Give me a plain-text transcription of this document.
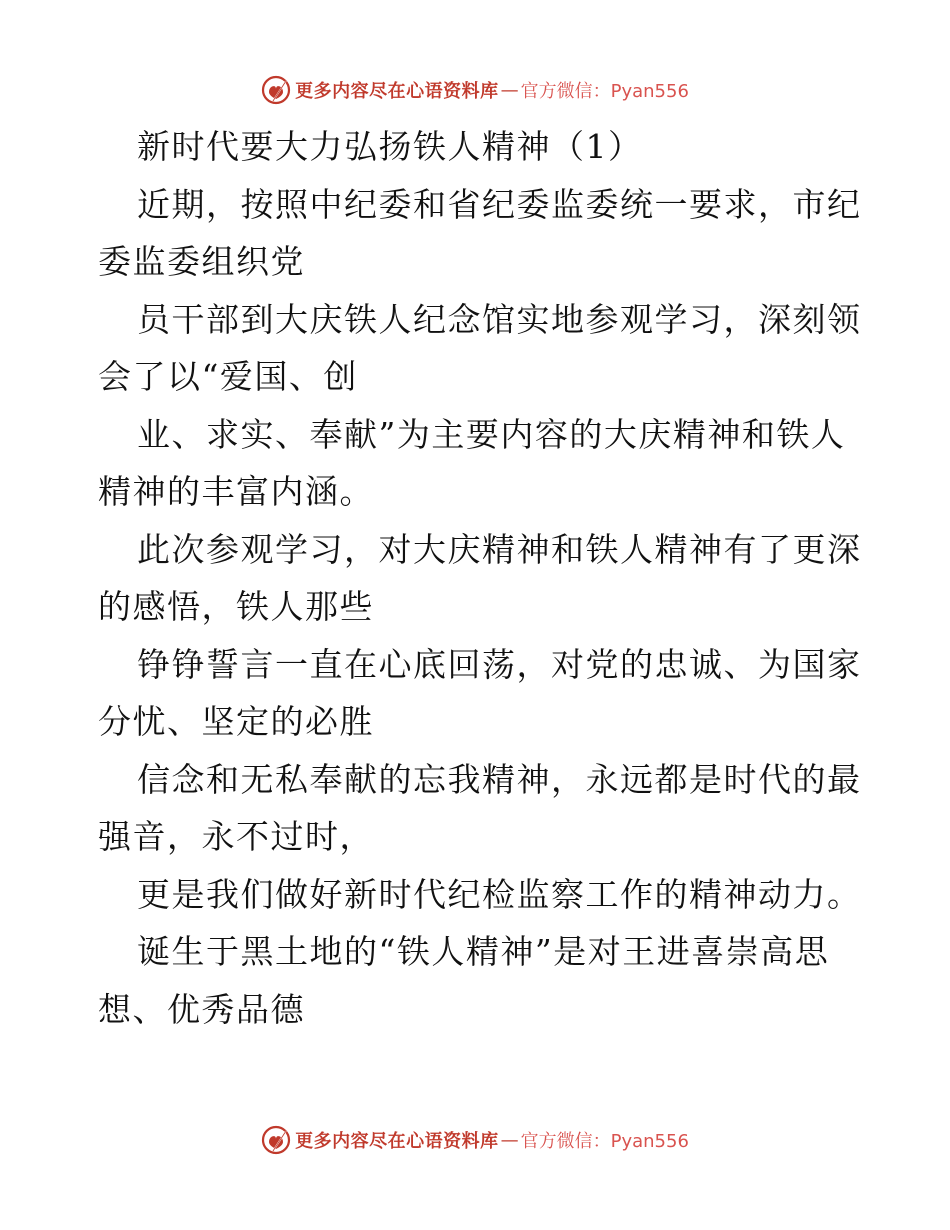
更多内容尽在心语资料库 — 官方微信：Pyan556
新时代要大力弘扬铁人精神（1）
近期，按照中纪委和省纪委监委统一要求，市纪
委监委组织党
员干部到大庆铁人纪念馆实地参观学习，深刻领
会了以“爱国、创
业、求实、奉献”为主要内容的大庆精神和铁人
精神的丰富内涵。
此次参观学习，对大庆精神和铁人精神有了更深
的感悟，铁人那些
铮铮誓言一直在心底回荡，对党的忠诚、为国家
分忧、坚定的必胜
信念和无私奉献的忘我精神，永远都是时代的最
强音，永不过时，
更是我们做好新时代纪检监察工作的精神动力。
诞生于黑土地的“铁人精神”是对王进喜崇高思
想、优秀品德
更多内容尽在心语资料库 — 官方微信：Pyan556
